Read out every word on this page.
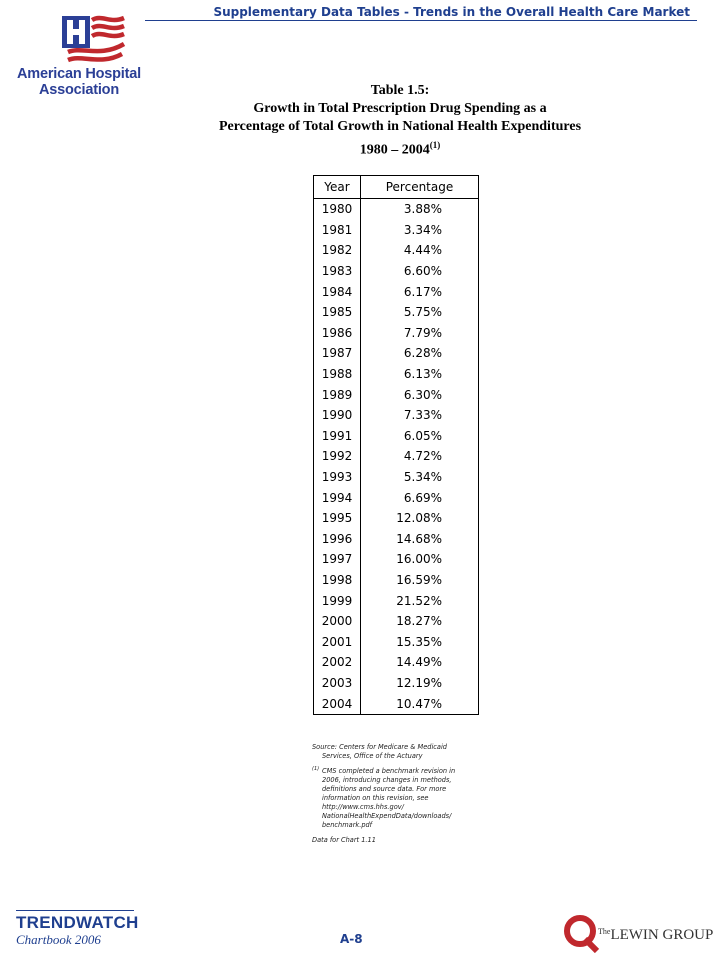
Supplementary Data Tables - Trends in the Overall Health Care Market
American Hospital
Association	Table 1.5:
Growth in Total Prescription Drug Spending as a
Percentage of Total Growth in National Health Expenditures
1980 – 2004$^{(1)}$
Year	Percentage
1980	3.88%
1981	3.34%
1982	4.44%
1983	6.60%
1984	6.17%
1985	5.75%
1986	7.79%
1987	6.28%
1988	6.13%
1989	6.30%
1990	7.33%
1991	6.05%
1992	4.72%
1993	5.34%
1994	6.69%
1995	12.08%
1996	14.68%
1997	16.00%
1998	16.59%
1999	21.52%
2000	18.27%
2001	15.35%
2002	14.49%
2003	12.19%
2004	10.47%
Source: Centers for Medicare & Medicaid
Services, Office of the Actuary
(1) CMS completed a benchmark revision in
2006, introducing changes in methods,
definitions and source data. For more
information on this revision, see
http://www.cms.hhs.gov/
NationalHealthExpendData/downloads/
benchmark.pdf
Data for Chart 1.11
TRENDWATCH
Chartbook 2006	A-8
$^{The}$LEWIN GROUP
